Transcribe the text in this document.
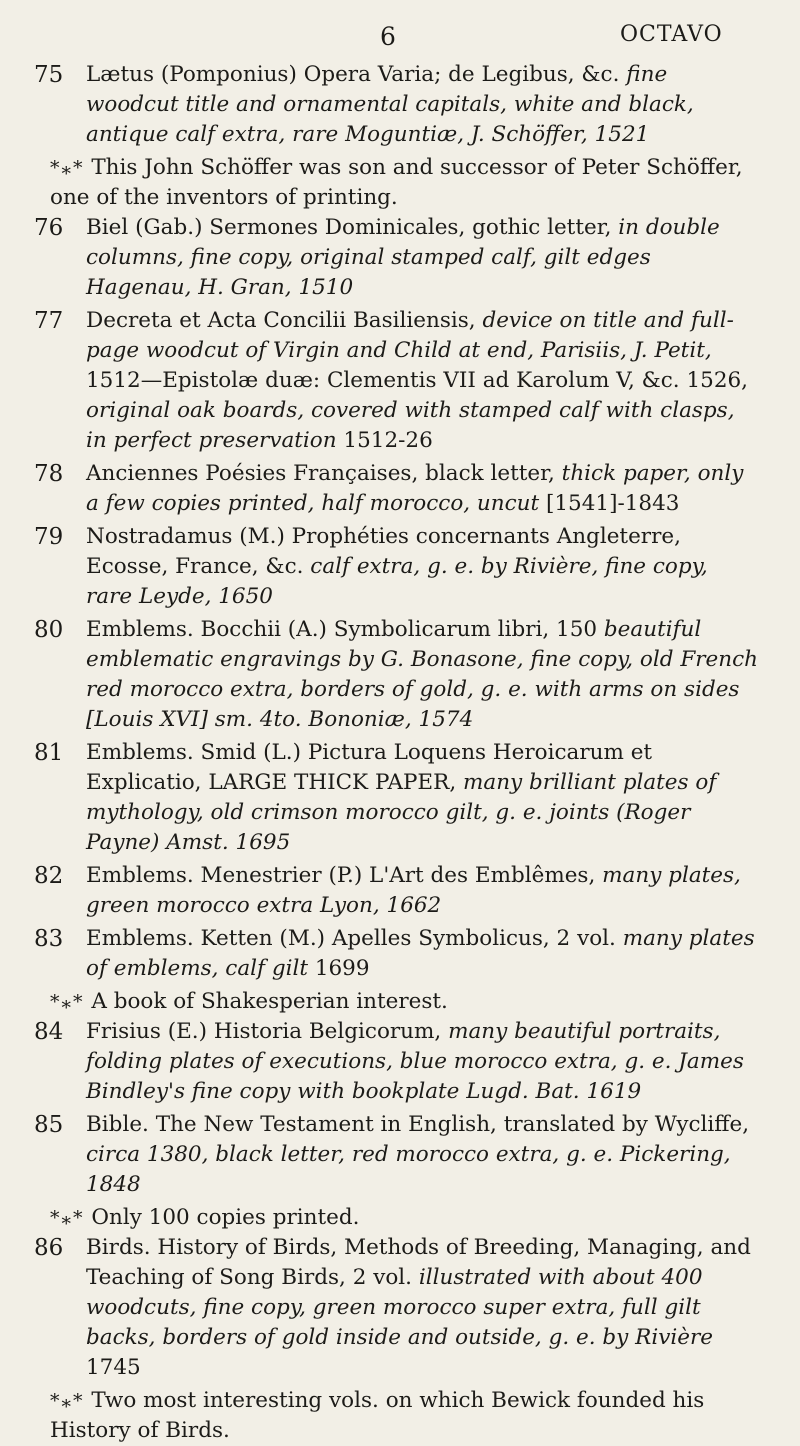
6	OCTAVO
75 Lætus (Pomponius) Opera Varia; de Legibus, &c. fine woodcut title and ornamental capitals, white and black, antique calf extra, rare Moguntiæ, J. Schöffer, 1521
*⁎* This John Schöffer was son and successor of Peter Schöffer, one of the inventors of printing.
76 Biel (Gab.) Sermones Dominicales, gothic letter, in double columns, fine copy, original stamped calf, gilt edges Hagenau, H. Gran, 1510
77 Decreta et Acta Concilii Basiliensis, device on title and full-page woodcut of Virgin and Child at end, Parisiis, J. Petit, 1512—Epistolæ duæ: Clementis VII ad Karolum V, &c. 1526, original oak boards, covered with stamped calf with clasps, in perfect preservation 1512-26
78 Anciennes Poésies Françaises, black letter, thick paper, only a few copies printed, half morocco, uncut [1541]-1843
79 Nostradamus (M.) Prophéties concernants Angleterre, Ecosse, France, &c. calf extra, g. e. by Rivière, fine copy, rare Leyde, 1650
80 Emblems. Bocchii (A.) Symbolicarum libri, 150 beautiful emblematic engravings by G. Bonasone, fine copy, old French red morocco extra, borders of gold, g. e. with arms on sides [Louis XVI] sm. 4to. Bononiæ, 1574
81 Emblems. Smid (L.) Pictura Loquens Heroicarum et Explicatio, LARGE THICK PAPER, many brilliant plates of mythology, old crimson morocco gilt, g. e. joints (Roger Payne) Amst. 1695
82 Emblems. Menestrier (P.) L'Art des Emblêmes, many plates, green morocco extra Lyon, 1662
83 Emblems. Ketten (M.) Apelles Symbolicus, 2 vol. many plates of emblems, calf gilt 1699
*⁎* A book of Shakesperian interest.
84 Frisius (E.) Historia Belgicorum, many beautiful portraits, folding plates of executions, blue morocco extra, g. e. James Bindley's fine copy with bookplate Lugd. Bat. 1619
85 Bible. The New Testament in English, translated by Wycliffe, circa 1380, black letter, red morocco extra, g. e. Pickering, 1848
*⁎* Only 100 copies printed.
86 Birds. History of Birds, Methods of Breeding, Managing, and Teaching of Song Birds, 2 vol. illustrated with about 400 woodcuts, fine copy, green morocco super extra, full gilt backs, borders of gold inside and outside, g. e. by Rivière 1745
*⁎* Two most interesting vols. on which Bewick founded his History of Birds.
